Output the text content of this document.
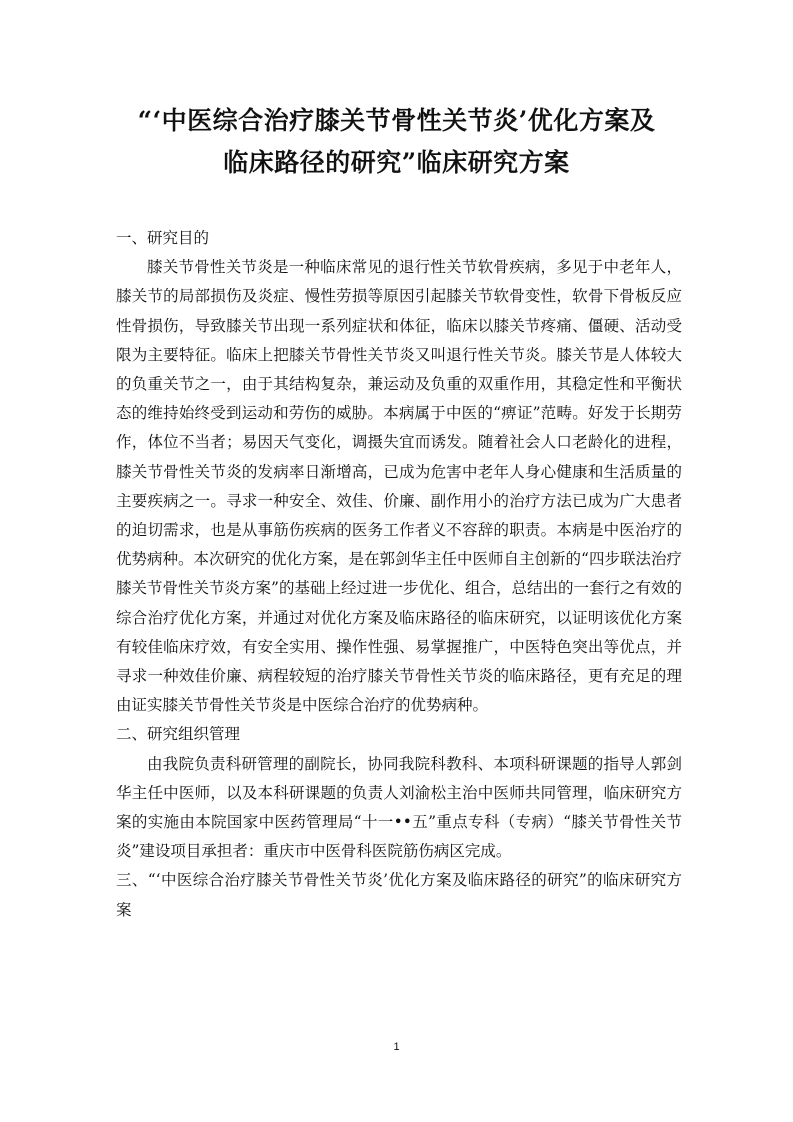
“‘中医综合治疗膝关节骨性关节炎’优化方案及
临床路径的研究”临床研究方案

一、研究目的

膝关节骨性关节炎是一种临床常见的退行性关节软骨疾病，多见于中老年人，膝关节的局部损伤及炎症、慢性劳损等原因引起膝关节软骨变性，软骨下骨板反应性骨损伤，导致膝关节出现一系列症状和体征，临床以膝关节疼痛、僵硬、活动受限为主要特征。临床上把膝关节骨性关节炎又叫退行性关节炎。膝关节是人体较大的负重关节之一，由于其结构复杂，兼运动及负重的双重作用，其稳定性和平衡状态的维持始终受到运动和劳伤的威胁。本病属于中医的“痹证”范畴。好发于长期劳作，体位不当者；易因天气变化，调摄失宜而诱发。随着社会人口老龄化的进程，膝关节骨性关节炎的发病率日渐增高，已成为危害中老年人身心健康和生活质量的主要疾病之一。寻求一种安全、效佳、价廉、副作用小的治疗方法已成为广大患者的迫切需求，也是从事筋伤疾病的医务工作者义不容辞的职责。本病是中医治疗的优势病种。本次研究的优化方案，是在郭剑华主任中医师自主创新的“四步联法治疗膝关节骨性关节炎方案”的基础上经过进一步优化、组合，总结出的一套行之有效的综合治疗优化方案，并通过对优化方案及临床路径的临床研究，以证明该优化方案有较佳临床疗效，有安全实用、操作性强、易掌握推广，中医特色突出等优点，并寻求一种效佳价廉、病程较短的治疗膝关节骨性关节炎的临床路径，更有充足的理由证实膝关节骨性关节炎是中医综合治疗的优势病种。

二、研究组织管理

由我院负责科研管理的副院长，协同我院科教科、本项科研课题的指导人郭剑华主任中医师，以及本科研课题的负责人刘渝松主治中医师共同管理，临床研究方案的实施由本院国家中医药管理局“十一••五”重点专科（专病）“膝关节骨性关节炎”建设项目承担者：重庆市中医骨科医院筋伤病区完成。

三、“‘中医综合治疗膝关节骨性关节炎’优化方案及临床路径的研究”的临床研究方案

1
